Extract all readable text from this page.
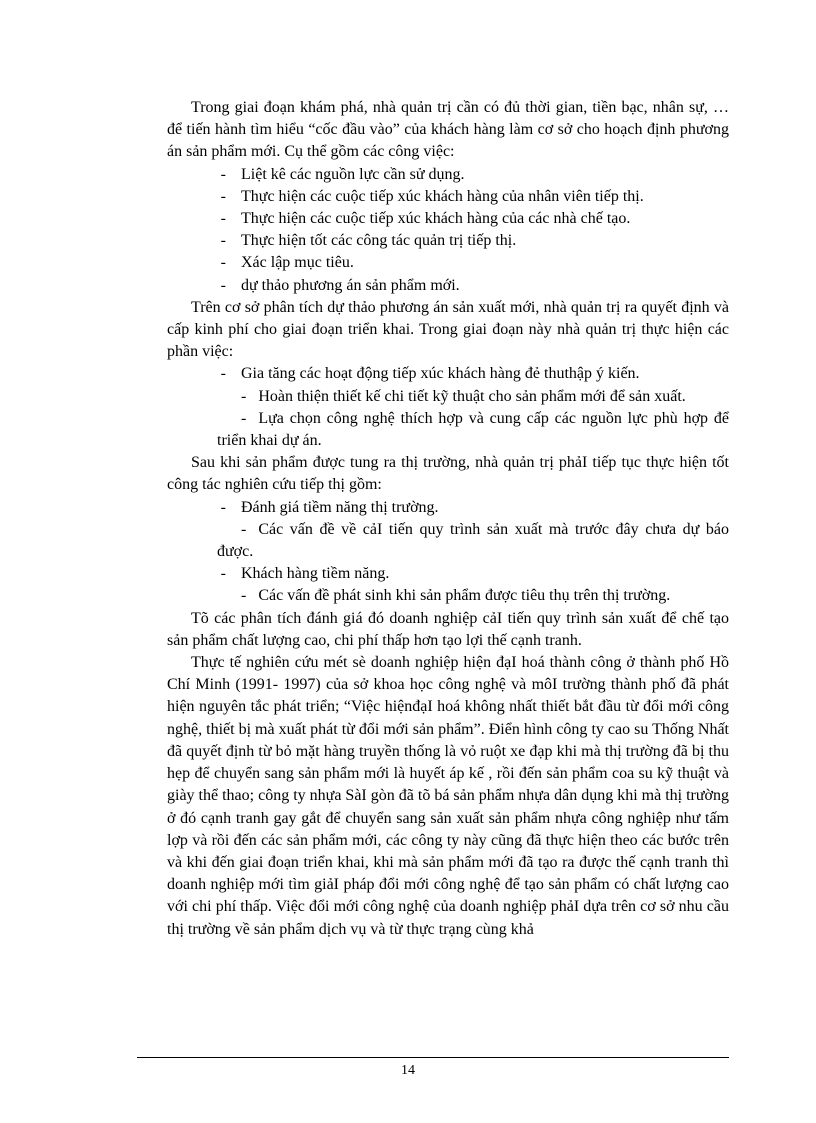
Trong giai đoạn khám phá, nhà quản trị cần có đủ thời gian, tiền bạc, nhân sự, … để tiến hành tìm hiểu “cốc đầu vào” của khách hàng làm cơ sở cho hoạch định phương án sản phẩm mới. Cụ thể gồm các công việc:

- Liệt kê các nguồn lực cần sử dụng.
- Thực hiện các cuộc tiếp xúc khách hàng của nhân viên tiếp thị.
- Thực hiện các cuộc tiếp xúc khách hàng của các nhà chế tạo.
- Thực hiện tốt các công tác quản trị tiếp thị.
- Xác lập mục tiêu.
- dự thảo phương án sản phẩm mới.

Trên cơ sở phân tích dự thảo phương án sản xuất mới, nhà quản trị ra quyết định và cấp kinh phí cho giai đoạn triển khai. Trong giai đoạn này nhà quản trị thực hiện các phần việc:

- Gia tăng các hoạt động tiếp xúc khách hàng đẻ thuthập ý kiến.

- Hoàn thiện thiết kế chi tiết kỹ thuật cho sản phẩm mới để sản xuất.

- Lựa chọn công nghệ thích hợp và cung cấp các nguồn lực phù hợp để triển khai dự án.

Sau khi sản phẩm được tung ra thị trường, nhà quản trị phảI tiếp tục thực hiện tốt công tác nghiên cứu tiếp thị gồm:

- Đánh giá tiềm năng thị trường.

- Các vấn đề về cảI tiến quy trình sản xuất mà trước đây chưa dự báo được.

- Khách hàng tiềm năng.

- Các vấn đề phát sinh khi sản phẩm được tiêu thụ trên thị trường.

Tõ các phân tích đánh giá đó doanh nghiệp cảI tiến quy trình sản xuất để chế tạo sản phẩm chất lượng cao, chi phí thấp hơn tạo lợi thế cạnh tranh.

Thực tế nghiên cứu mét sè doanh nghiệp hiện đạI hoá thành công ở thành phố Hồ Chí Minh (1991- 1997) của sở khoa học công nghệ và môI trường thành phố đã phát hiện nguyên tắc phát triển; “Việc hiệnđạI hoá không nhất thiết bắt đầu từ đổi mới công nghệ, thiết bị mà xuất phát từ đổi mới sản phẩm”. Điển hình công ty cao su Thống Nhất đã quyết định từ bỏ mặt hàng truyền thống là vỏ ruột xe đạp khi mà thị trường đã bị thu hẹp để chuyển sang sản phẩm mới là huyết áp kế , rồi đến sản phẩm coa su kỹ thuật và giày thể thao; công ty nhựa SàI gòn đã tõ bá sản phẩm nhựa dân dụng khi mà thị trường ở đó cạnh tranh gay gắt để chuyển sang sản xuất sản phẩm nhựa công nghiệp như tấm lợp và rồi đến các sản phẩm mới, các công ty này cũng đã thực hiện theo các bước trên và khi đến giai đoạn triển khai, khi mà sản phẩm mới đã tạo ra được thế cạnh tranh thì doanh nghiệp mới tìm giảI pháp đổi mới công nghệ để tạo sản phẩm có chất lượng cao với chi phí thấp. Việc đổi mới công nghệ của doanh nghiệp phảI dựa trên cơ sở nhu cầu thị trường về sản phẩm dịch vụ và từ thực trạng cùng khả

14
